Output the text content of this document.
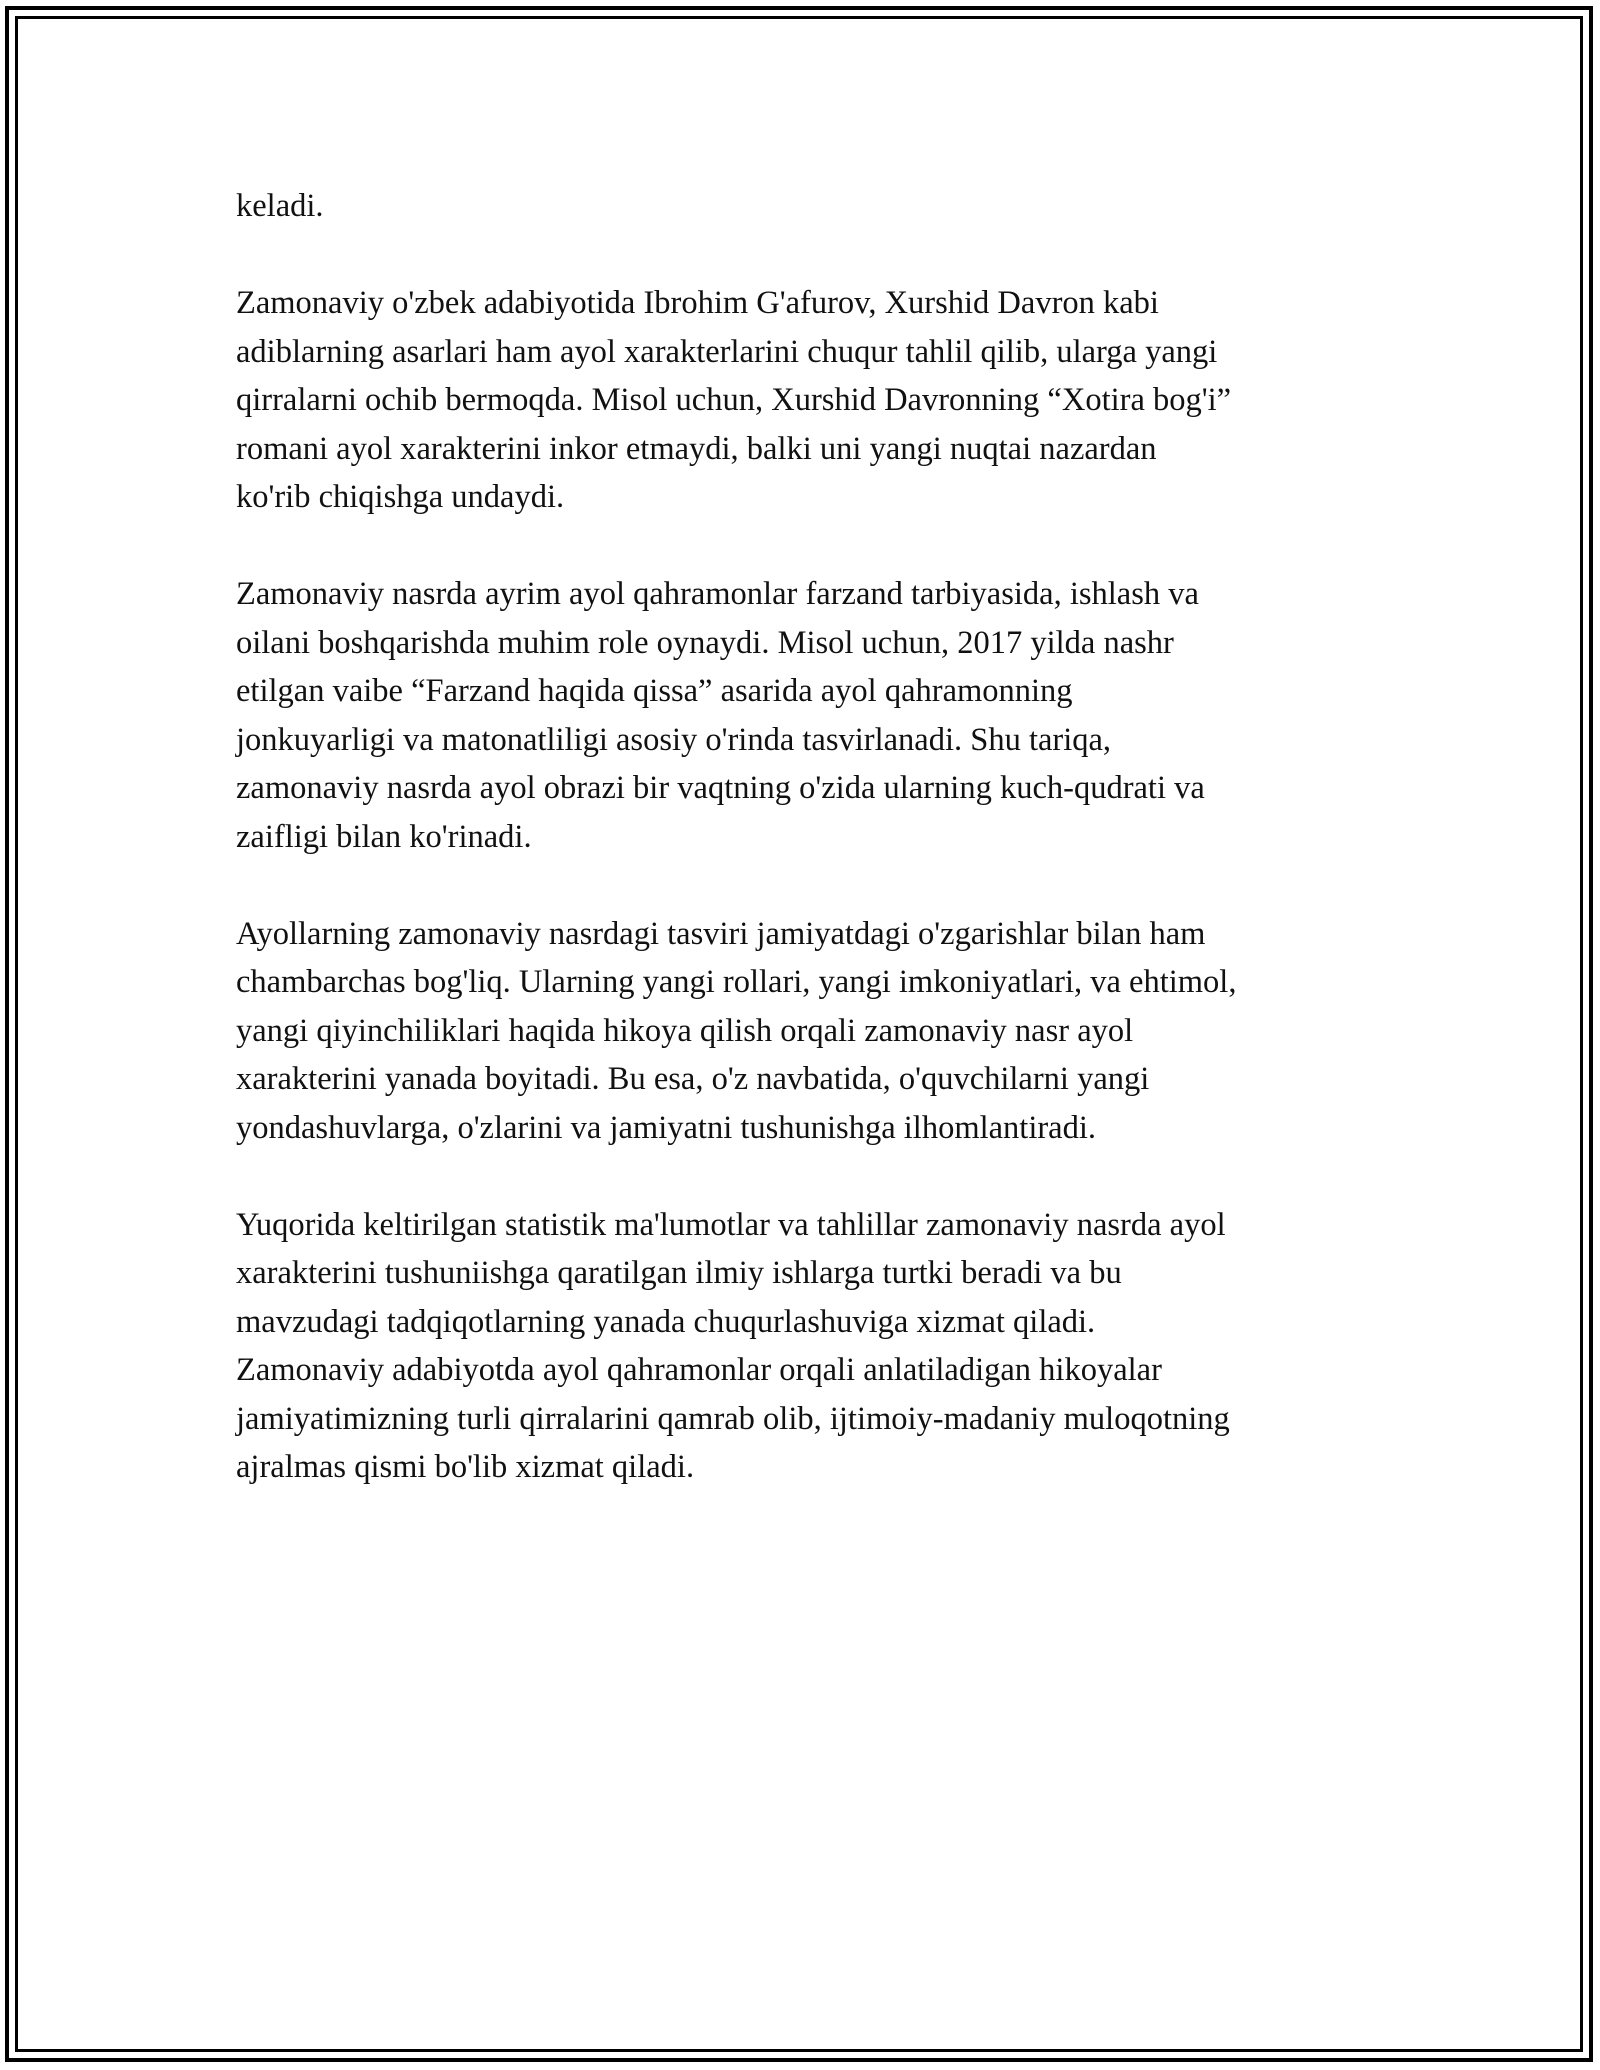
keladi.

Zamonaviy o'zbek adabiyotida Ibrohim G'afurov, Xurshid Davron kabi
adiblarning asarlari ham ayol xarakterlarini chuqur tahlil qilib, ularga yangi
qirralarni ochib bermoqda. Misol uchun, Xurshid Davronning “Xotira bog'i”
romani ayol xarakterini inkor etmaydi, balki uni yangi nuqtai nazardan
ko'rib chiqishga undaydi.

Zamonaviy nasrda ayrim ayol qahramonlar farzand tarbiyasida, ishlash va
oilani boshqarishda muhim role oynaydi. Misol uchun, 2017 yilda nashr
etilgan vaibe “Farzand haqida qissa” asarida ayol qahramonning
jonkuyarligi va matonatliligi asosiy o'rinda tasvirlanadi. Shu tariqa,
zamonaviy nasrda ayol obrazi bir vaqtning o'zida ularning kuch-qudrati va
zaifligi bilan ko'rinadi.

Ayollarning zamonaviy nasrdagi tasviri jamiyatdagi o'zgarishlar bilan ham
chambarchas bog'liq. Ularning yangi rollari, yangi imkoniyatlari, va ehtimol,
yangi qiyinchiliklari haqida hikoya qilish orqali zamonaviy nasr ayol
xarakterini yanada boyitadi. Bu esa, o'z navbatida, o'quvchilarni yangi
yondashuvlarga, o'zlarini va jamiyatni tushunishga ilhomlantiradi.

Yuqorida keltirilgan statistik ma'lumotlar va tahlillar zamonaviy nasrda ayol
xarakterini tushuniishga qaratilgan ilmiy ishlarga turtki beradi va bu
mavzudagi tadqiqotlarning yanada chuqurlashuviga xizmat qiladi.
Zamonaviy adabiyotda ayol qahramonlar orqali anlatiladigan hikoyalar
jamiyatimizning turli qirralarini qamrab olib, ijtimoiy-madaniy muloqotning
ajralmas qismi bo'lib xizmat qiladi.
